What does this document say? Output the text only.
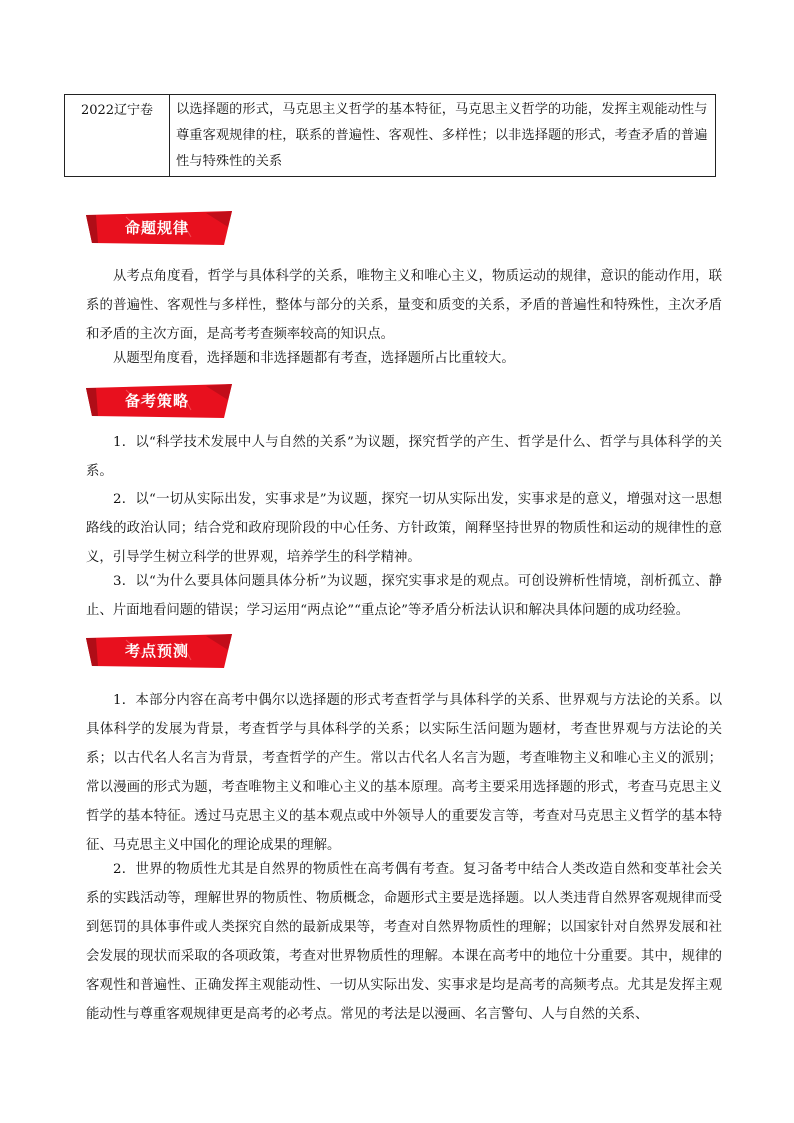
2022辽宁卷	以选择题的形式，马克思主义哲学的基本特征，马克思主义哲学的功能，发挥主观能动性与尊重客观规律的柱，联系的普遍性、客观性、多样性；以非选择题的形式，考查矛盾的普遍性与特殊性的关系
命题规律

从考点角度看，哲学与具体科学的关系，唯物主义和唯心主义，物质运动的规律，意识的能动作用，联系的普遍性、客观性与多样性，整体与部分的关系，量变和质变的关系，矛盾的普遍性和特殊性，主次矛盾和矛盾的主次方面，是高考考查频率较高的知识点。

从题型角度看，选择题和非选择题都有考查，选择题所占比重较大。

备考策略

1．以“科学技术发展中人与自然的关系”为议题，探究哲学的产生、哲学是什么、哲学与具体科学的关系。

2．以“一切从实际出发，实事求是”为议题，探究一切从实际出发，实事求是的意义，增强对这一思想路线的政治认同；结合党和政府现阶段的中心任务、方针政策，阐释坚持世界的物质性和运动的规律性的意义，引导学生树立科学的世界观，培养学生的科学精神。

3．以“为什么要具体问题具体分析”为议题，探究实事求是的观点。可创设辨析性情境，剖析孤立、静止、片面地看问题的错误；学习运用“两点论”“重点论”等矛盾分析法认识和解决具体问题的成功经验。

考点预测

1．本部分内容在高考中偶尔以选择题的形式考查哲学与具体科学的关系、世界观与方法论的关系。以具体科学的发展为背景，考查哲学与具体科学的关系；以实际生活问题为题材，考查世界观与方法论的关系；以古代名人名言为背景，考查哲学的产生。常以古代名人名言为题，考查唯物主义和唯心主义的派别；常以漫画的形式为题，考查唯物主义和唯心主义的基本原理。高考主要采用选择题的形式，考查马克思主义哲学的基本特征。透过马克思主义的基本观点或中外领导人的重要发言等，考查对马克思主义哲学的基本特征、马克思主义中国化的理论成果的理解。

2．世界的物质性尤其是自然界的物质性在高考偶有考查。复习备考中结合人类改造自然和变革社会关系的实践活动等，理解世界的物质性、物质概念，命题形式主要是选择题。以人类违背自然界客观规律而受到惩罚的具体事件或人类探究自然的最新成果等，考查对自然界物质性的理解；以国家针对自然界发展和社会发展的现状而采取的各项政策，考查对世界物质性的理解。本课在高考中的地位十分重要。其中，规律的客观性和普遍性、正确发挥主观能动性、一切从实际出发、实事求是均是高考的高频考点。尤其是发挥主观能动性与尊重客观规律更是高考的必考点。常见的考法是以漫画、名言警句、人与自然的关系、
